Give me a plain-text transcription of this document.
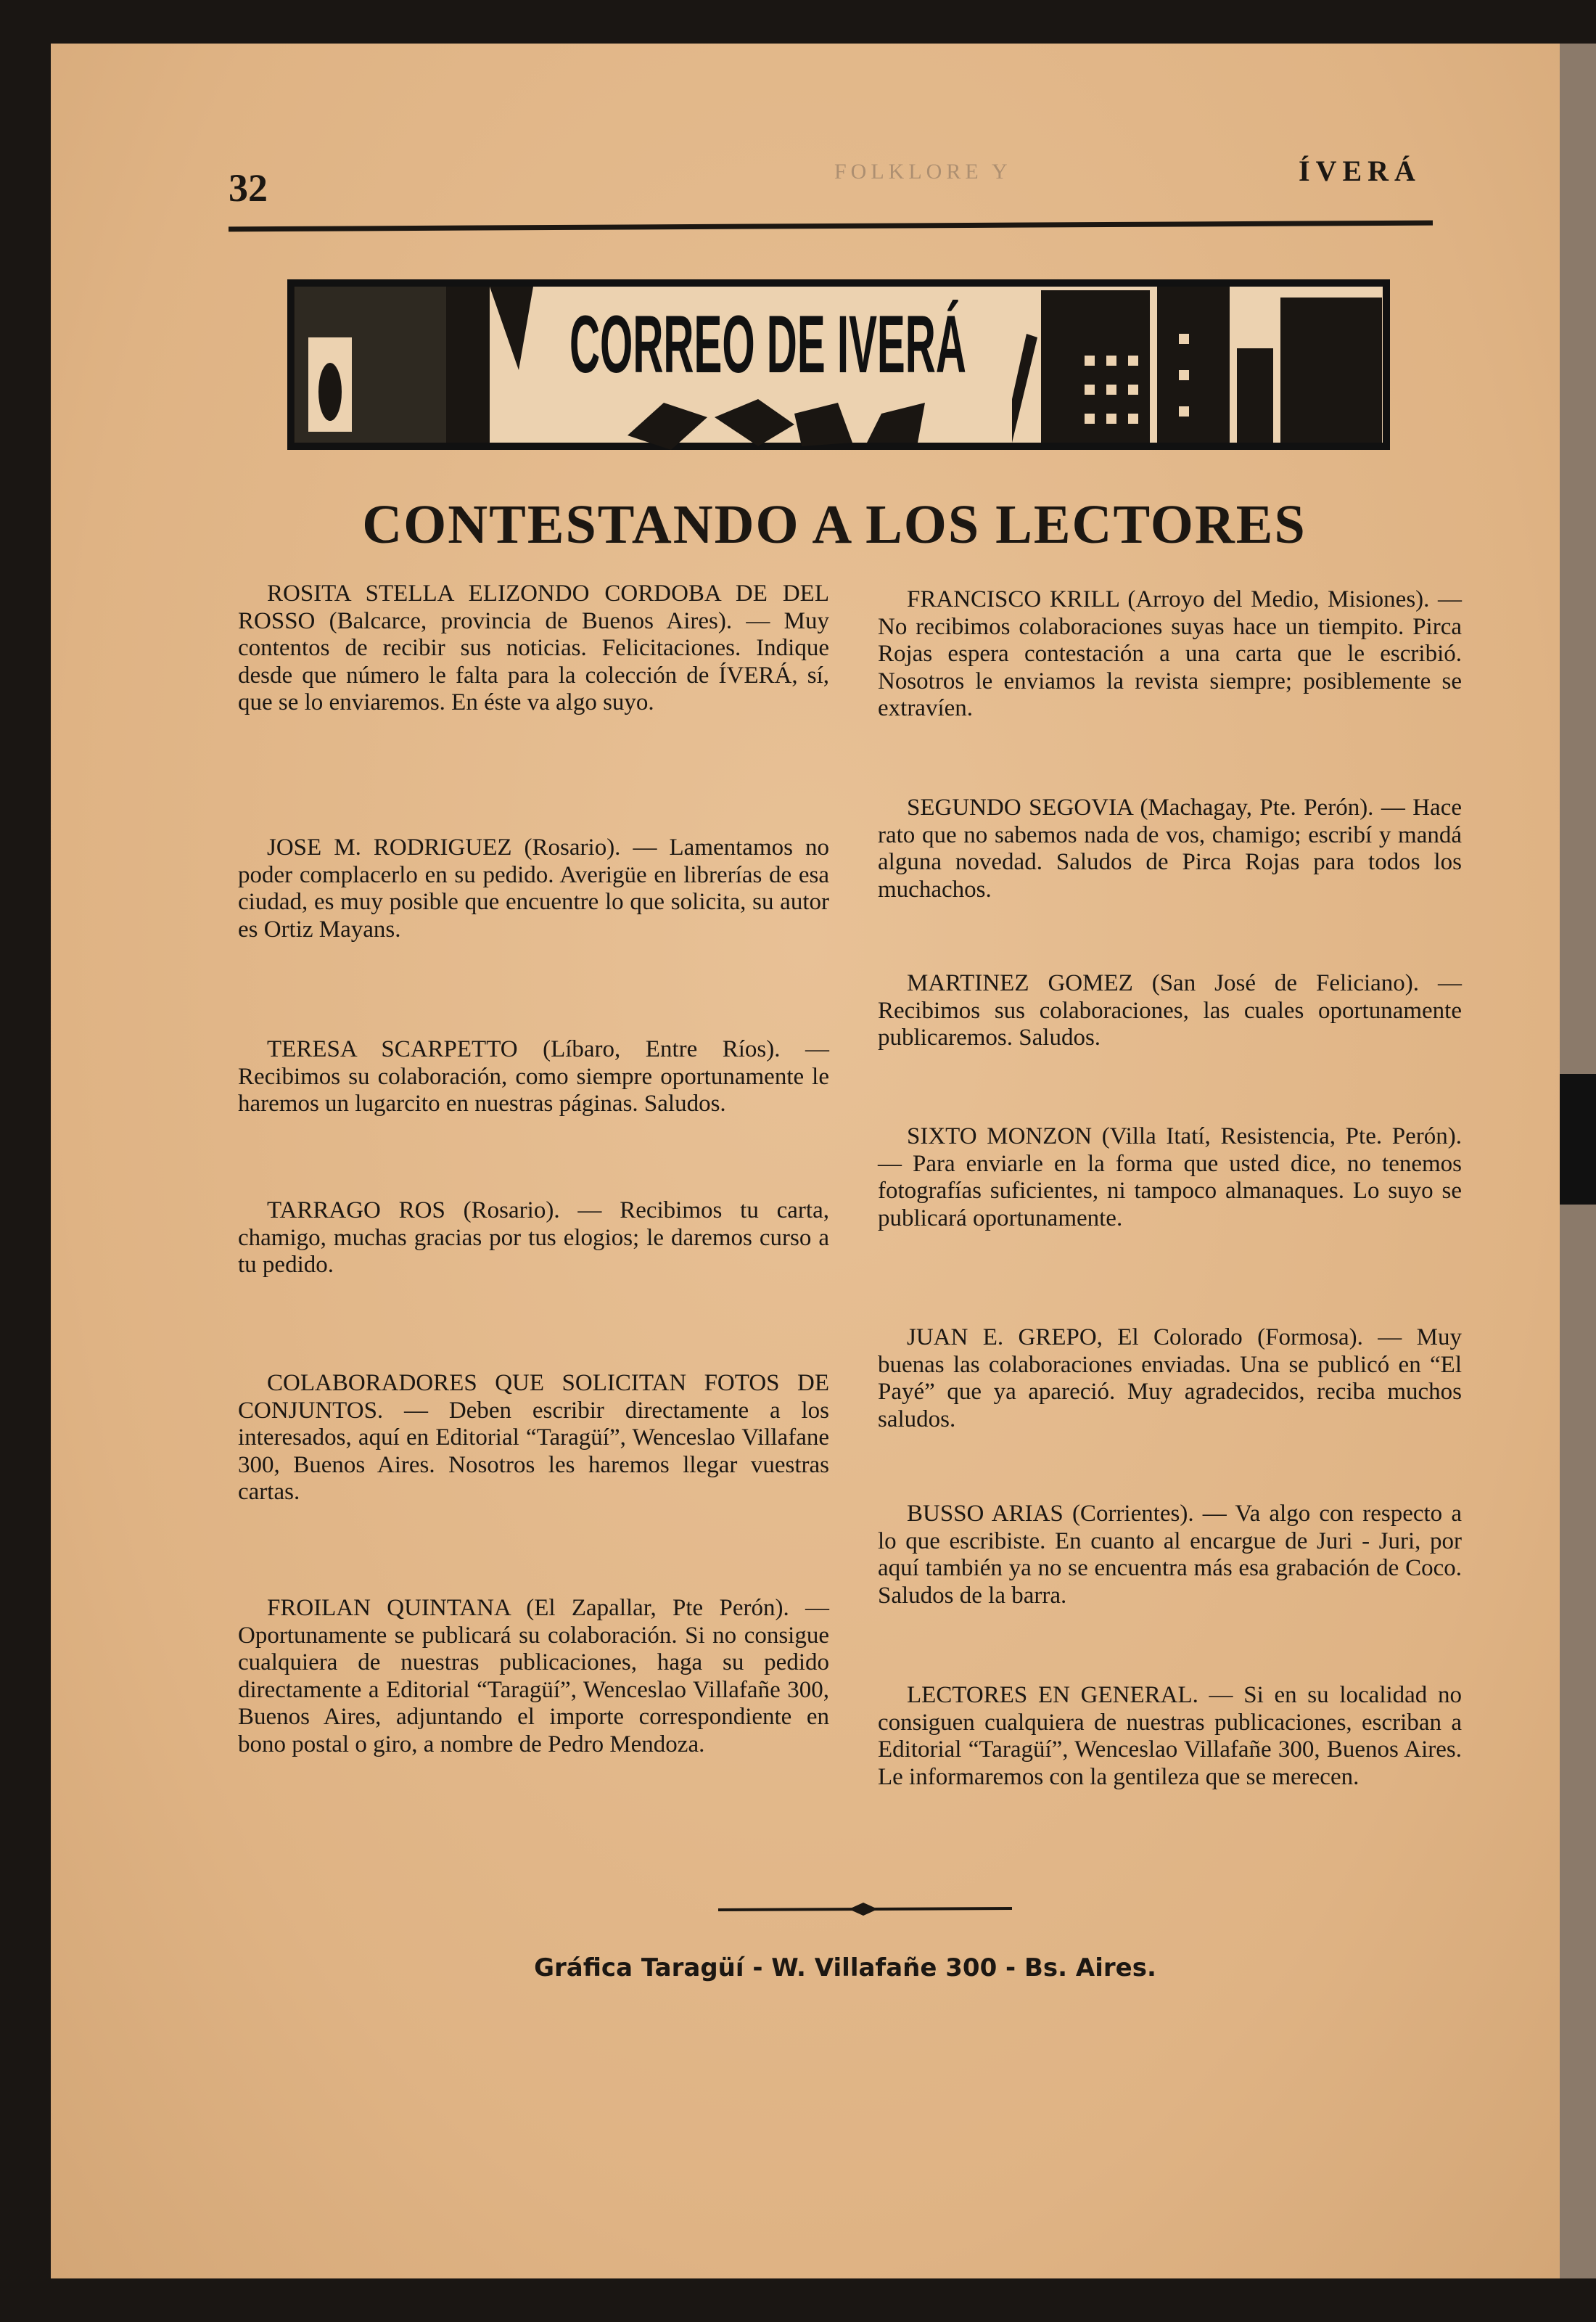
32	FOLKLORE Y	ÍVERÁ
CORREO DE IVERÁ
CONTESTANDO A LOS LECTORES

ROSITA STELLA ELIZONDO CORDOBA DE DEL ROSSO (Balcarce, provincia de Buenos Aires). — Muy contentos de recibir sus noticias. Felicitaciones. Indique desde que número le falta para la colección de ÍVERÁ, sí, que se lo enviaremos. En éste va algo suyo.

JOSE M. RODRIGUEZ (Rosario). — Lamentamos no poder complacerlo en su pedido. Averigüe en librerías de esa ciudad, es muy posible que encuentre lo que solicita, su autor es Ortiz Mayans.

TERESA SCARPETTO (Líbaro, Entre Ríos). — Recibimos su colaboración, como siempre oportunamente le haremos un lugarcito en nuestras páginas. Saludos.

TARRAGO ROS (Rosario). — Recibimos tu carta, chamigo, muchas gracias por tus elogios; le daremos curso a tu pedido.

COLABORADORES QUE SOLICITAN FOTOS DE CONJUNTOS. — Deben escribir directamente a los interesados, aquí en Editorial “Taragüí”, Wenceslao Villafane 300, Buenos Aires. Nosotros les haremos llegar vuestras cartas.

FROILAN QUINTANA (El Zapallar, Pte Perón). — Oportunamente se publicará su colaboración. Si no consigue cualquiera de nuestras publicaciones, haga su pedido directamente a Editorial “Taragüí”, Wenceslao Villafañe 300, Buenos Aires, adjuntando el importe correspondiente en bono postal o giro, a nombre de Pedro Mendoza.

FRANCISCO KRILL (Arroyo del Medio, Misiones). — No recibimos colaboraciones suyas hace un tiempito. Pirca Rojas espera contestación a una carta que le escribió. Nosotros le enviamos la revista siempre; posiblemente se extravíen.

SEGUNDO SEGOVIA (Machagay, Pte. Perón). — Hace rato que no sabemos nada de vos, chamigo; escribí y mandá alguna novedad. Saludos de Pirca Rojas para todos los muchachos.

MARTINEZ GOMEZ (San José de Feliciano). — Recibimos sus colaboraciones, las cuales oportunamente publicaremos. Saludos.

SIXTO MONZON (Villa Itatí, Resistencia, Pte. Perón). — Para enviarle en la forma que usted dice, no tenemos fotografías suficientes, ni tampoco almanaques. Lo suyo se publicará oportunamente.

JUAN E. GREPO, El Colorado (Formosa). — Muy buenas las colaboraciones enviadas. Una se publicó en “El Payé” que ya apareció. Muy agradecidos, reciba muchos saludos.

BUSSO ARIAS (Corrientes). — Va algo con respecto a lo que escribiste. En cuanto al encargue de Juri - Juri, por aquí también ya no se encuentra más esa grabación de Coco. Saludos de la barra.

LECTORES EN GENERAL. — Si en su localidad no consiguen cualquiera de nuestras publicaciones, escriban a Editorial “Taragüí”, Wenceslao Villafañe 300, Buenos Aires. Le informaremos con la gentileza que se merecen.

Gráfica Taragüí - W. Villafañe 300 - Bs. Aires.
